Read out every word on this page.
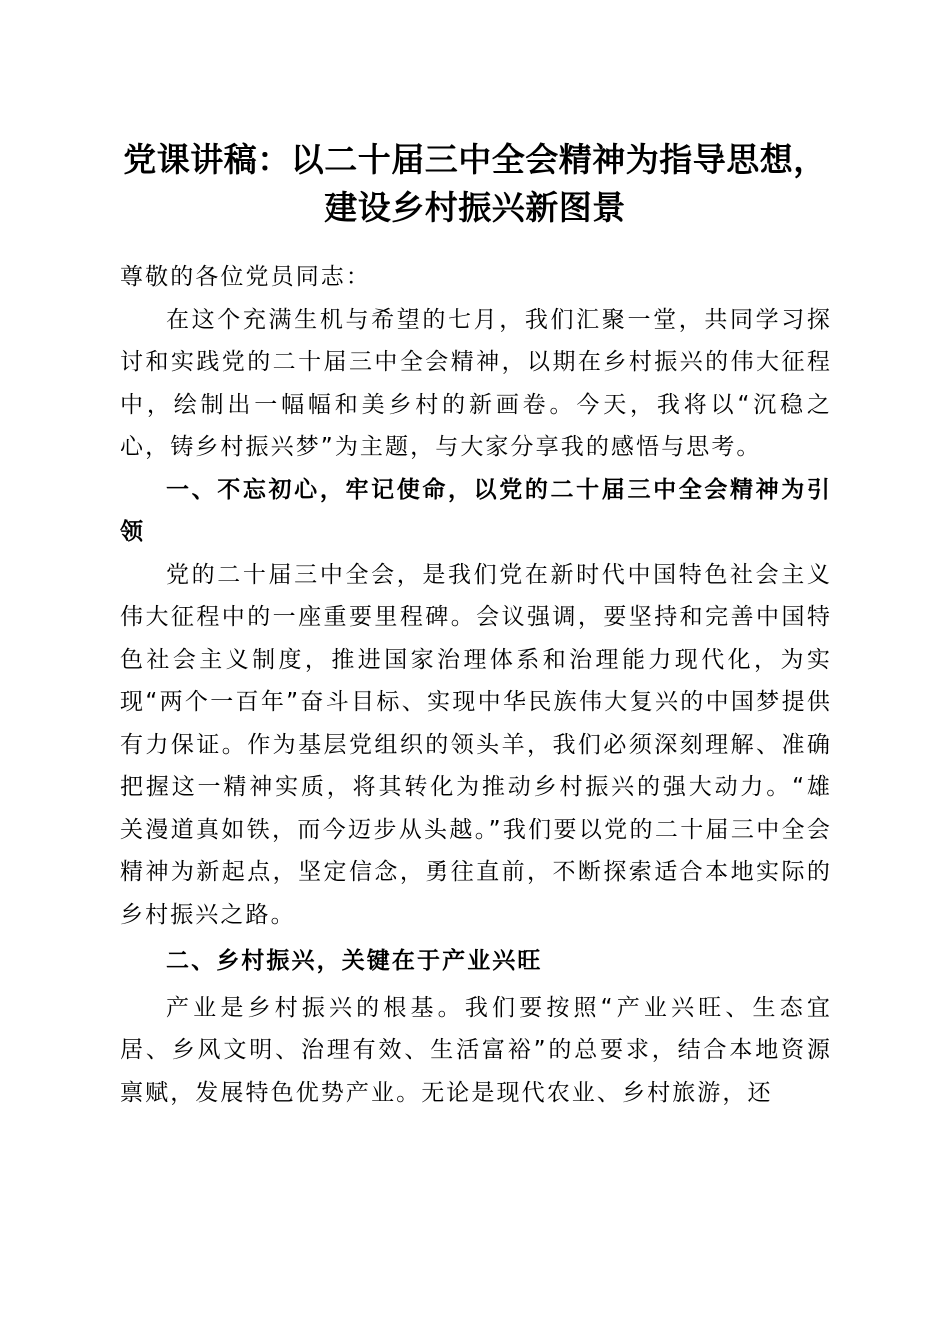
党课讲稿：以二十届三中全会精神为指导思想，
建设乡村振兴新图景

尊敬的各位党员同志：

在这个充满生机与希望的七月，我们汇聚一堂，共同学习探讨和实践党的二十届三中全会精神，以期在乡村振兴的伟大征程中，绘制出一幅幅和美乡村的新画卷。今天，我将以“沉稳之心，铸乡村振兴梦”为主题，与大家分享我的感悟与思考。

一、不忘初心，牢记使命，以党的二十届三中全会精神为引领

党的二十届三中全会，是我们党在新时代中国特色社会主义伟大征程中的一座重要里程碑。会议强调，要坚持和完善中国特色社会主义制度，推进国家治理体系和治理能力现代化，为实现“两个一百年”奋斗目标、实现中华民族伟大复兴的中国梦提供有力保证。作为基层党组织的领头羊，我们必须深刻理解、准确把握这一精神实质，将其转化为推动乡村振兴的强大动力。“雄关漫道真如铁，而今迈步从头越。”我们要以党的二十届三中全会精神为新起点，坚定信念，勇往直前，不断探索适合本地实际的乡村振兴之路。

二、乡村振兴，关键在于产业兴旺

产业是乡村振兴的根基。我们要按照“产业兴旺、生态宜居、乡风文明、治理有效、生活富裕”的总要求，结合本地资源禀赋，发展特色优势产业。无论是现代农业、乡村旅游，还
